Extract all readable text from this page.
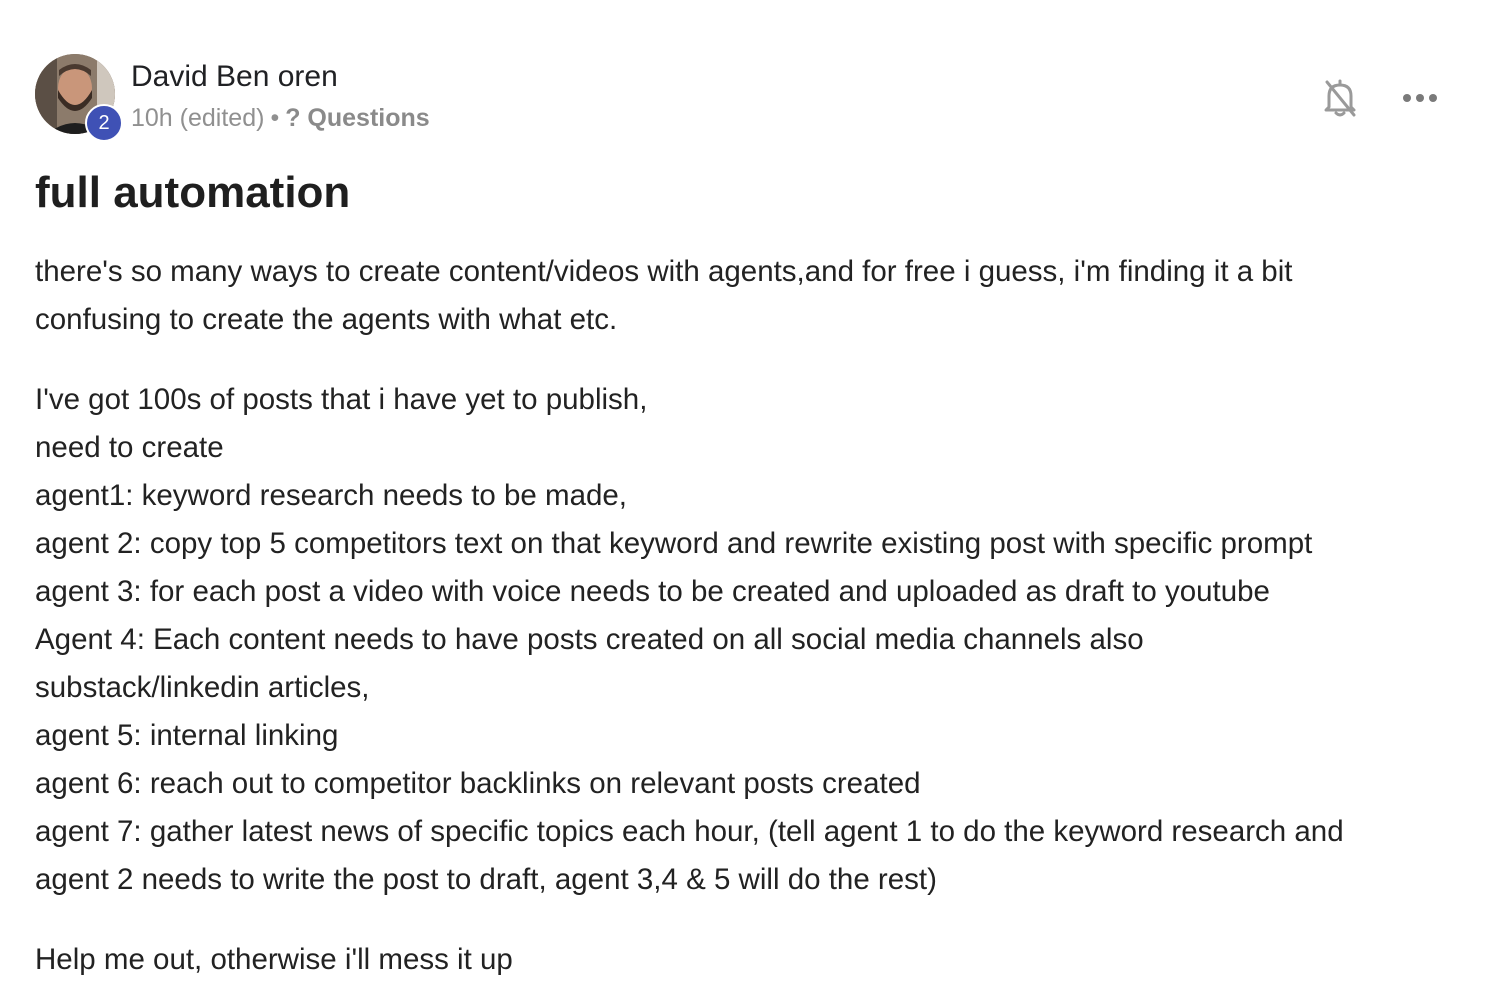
2
David Ben oren
10h (edited) • ? Questions
full automation

there's so many ways to create content/videos with agents,and for free i guess, i'm finding it a bit
confusing to create the agents with what etc.

I've got 100s of posts that i have yet to publish,
need to create
agent1: keyword research needs to be made,
agent 2: copy top 5 competitors text on that keyword and rewrite existing post with specific prompt
agent 3: for each post a video with voice needs to be created and uploaded as draft to youtube
Agent 4: Each content needs to have posts created on all social media channels also
substack/linkedin articles,
agent 5: internal linking
agent 6: reach out to competitor backlinks on relevant posts created
agent 7: gather latest news of specific topics each hour, (tell agent 1 to do the keyword research and
agent 2 needs to write the post to draft, agent 3,4 & 5 will do the rest)

Help me out, otherwise i'll mess it up
